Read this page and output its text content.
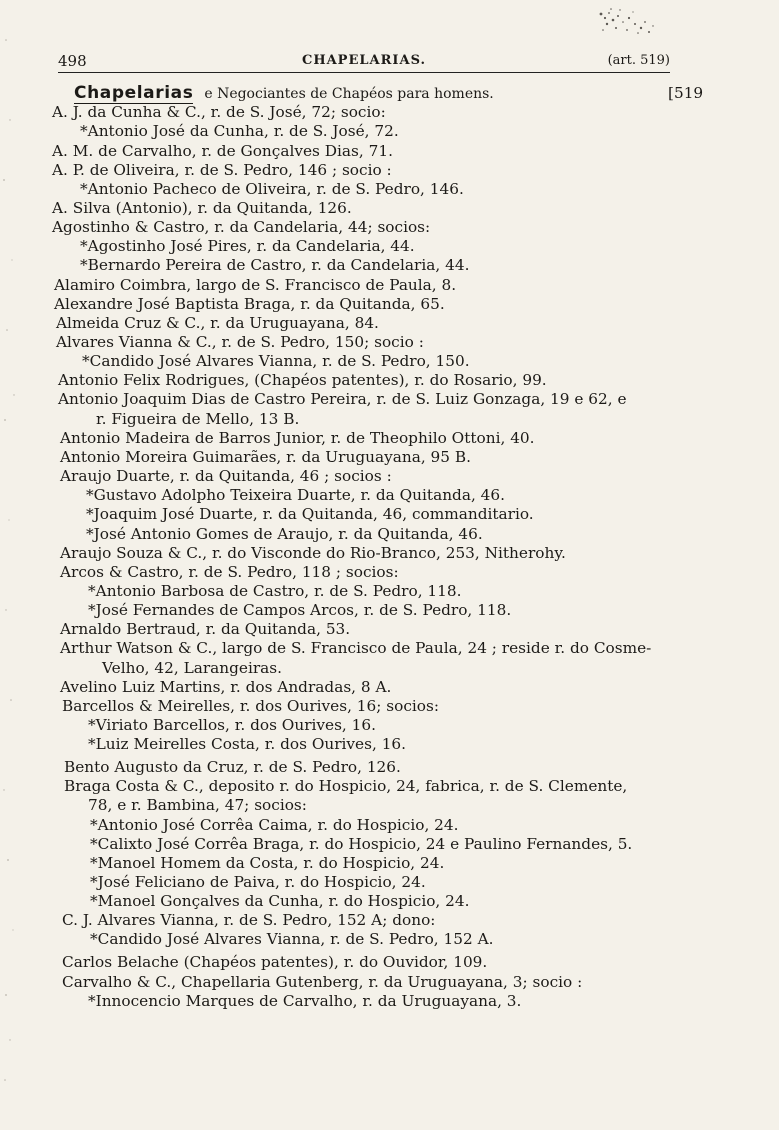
498	CHAPELARIAS.	(art. 519)
Chapelarias e Negociantes de Chapéos para homens.	[519
A. J. da Cunha & C., r. de S. José, 72; socio:
*Antonio José da Cunha, r. de S. José, 72.
A. M. de Carvalho, r. de Gonçalves Dias, 71.
A. P. de Oliveira, r. de S. Pedro, 146 ; socio :
*Antonio Pacheco de Oliveira, r. de S. Pedro, 146.
A. Silva (Antonio), r. da Quitanda, 126.
Agostinho & Castro, r. da Candelaria, 44; socios:
*Agostinho José Pires, r. da Candelaria, 44.
*Bernardo Pereira de Castro, r. da Candelaria, 44.
Alamiro Coimbra, largo de S. Francisco de Paula, 8.
Alexandre José Baptista Braga, r. da Quitanda, 65.
Almeida Cruz & C., r. da Uruguayana, 84.
Alvares Vianna & C., r. de S. Pedro, 150; socio :
*Candido José Alvares Vianna, r. de S. Pedro, 150.
Antonio Felix Rodrigues, (Chapéos patentes), r. do Rosario, 99.
Antonio Joaquim Dias de Castro Pereira, r. de S. Luiz Gonzaga, 19 e 62, e
r. Figueira de Mello, 13 B.
Antonio Madeira de Barros Junior, r. de Theophilo Ottoni, 40.
Antonio Moreira Guimarães, r. da Uruguayana, 95 B.
Araujo Duarte, r. da Quitanda, 46 ; socios :
*Gustavo Adolpho Teixeira Duarte, r. da Quitanda, 46.
*Joaquim José Duarte, r. da Quitanda, 46, commanditario.
*José Antonio Gomes de Araujo, r. da Quitanda, 46.
Araujo Souza & C., r. do Visconde do Rio-Branco, 253, Nitherohy.
Arcos & Castro, r. de S. Pedro, 118 ; socios:
*Antonio Barbosa de Castro, r. de S. Pedro, 118.
*José Fernandes de Campos Arcos, r. de S. Pedro, 118.
Arnaldo Bertraud, r. da Quitanda, 53.
Arthur Watson & C., largo de S. Francisco de Paula, 24 ; reside r. do Cosme-
Velho, 42, Larangeiras.
Avelino Luiz Martins, r. dos Andradas, 8 A.
Barcellos & Meirelles, r. dos Ourives, 16; socios:
*Viriato Barcellos, r. dos Ourives, 16.
*Luiz Meirelles Costa, r. dos Ourives, 16.
Bento Augusto da Cruz, r. de S. Pedro, 126.
Braga Costa & C., deposito r. do Hospicio, 24, fabrica, r. de S. Clemente,
78, e r. Bambina, 47; socios:
*Antonio José Corrêa Caima, r. do Hospicio, 24.
*Calixto José Corrêa Braga, r. do Hospicio, 24 e Paulino Fernandes, 5.
*Manoel Homem da Costa, r. do Hospicio, 24.
*José Feliciano de Paiva, r. do Hospicio, 24.
*Manoel Gonçalves da Cunha, r. do Hospicio, 24.
C. J. Alvares Vianna, r. de S. Pedro, 152 A; dono:
*Candido José Alvares Vianna, r. de S. Pedro, 152 A.
Carlos Belache (Chapéos patentes), r. do Ouvidor, 109.
Carvalho & C., Chapellaria Gutenberg, r. da Uruguayana, 3; socio :
*Innocencio Marques de Carvalho, r. da Uruguayana, 3.
